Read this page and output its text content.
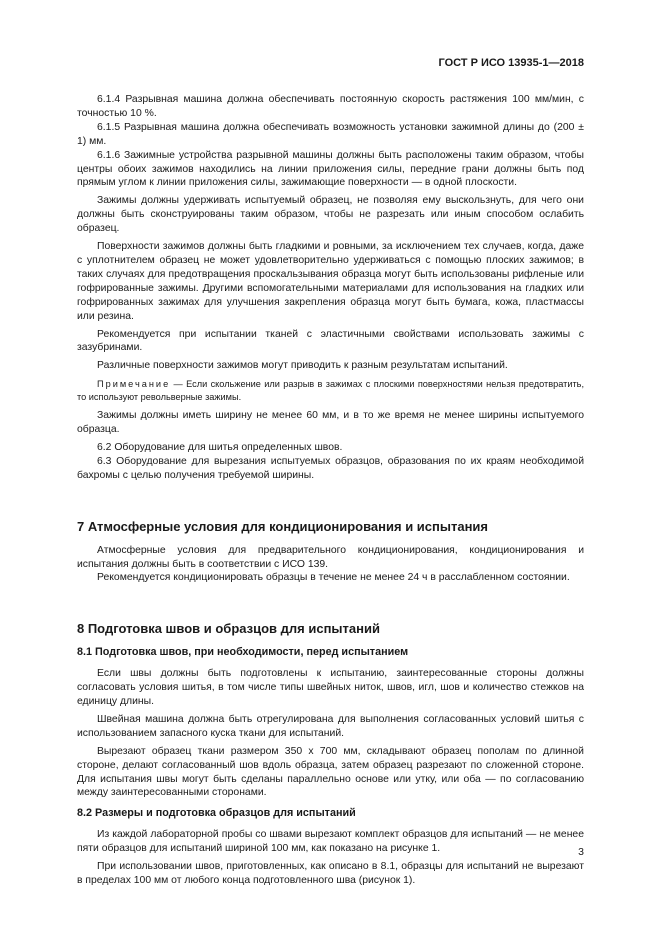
ГОСТ Р ИСО 13935-1—2018

6.1.4 Разрывная машина должна обеспечивать постоянную скорость растяжения 100 мм/мин, с точностью 10 %.

6.1.5 Разрывная машина должна обеспечивать возможность установки зажимной длины до (200 ± 1) мм.

6.1.6 Зажимные устройства разрывной машины должны быть расположены таким образом, чтобы центры обоих зажимов находились на линии приложения силы, передние грани должны быть под прямым углом к линии приложения силы, зажимающие поверхности — в одной плоскости.

Зажимы должны удерживать испытуемый образец, не позволяя ему выскользнуть, для чего они должны быть сконструированы таким образом, чтобы не разрезать или иным способом ослабить образец.

Поверхности зажимов должны быть гладкими и ровными, за исключением тех случаев, когда, даже с уплотнителем образец не может удовлетворительно удерживаться с помощью плоских зажимов; в таких случаях для предотвращения проскальзывания образца могут быть использованы рифленые или гофрированные зажимы. Другими вспомогательными материалами для использования на гладких или гофрированных зажимах для улучшения закрепления образца могут быть бумага, кожа, пластмассы или резина.

Рекомендуется при испытании тканей с эластичными свойствами использовать зажимы с зазубринами.

Различные поверхности зажимов могут приводить к разным результатам испытаний.

Примечание — Если скольжение или разрыв в зажимах с плоскими поверхностями нельзя предотвратить, то используют револьверные зажимы.

Зажимы должны иметь ширину не менее 60 мм, и в то же время не менее ширины испытуемого образца.

6.2 Оборудование для шитья определенных швов.

6.3 Оборудование для вырезания испытуемых образцов, образования по их краям необходимой бахромы с целью получения требуемой ширины.

7 Атмосферные условия для кондиционирования и испытания

Атмосферные условия для предварительного кондиционирования, кондиционирования и испытания должны быть в соответствии с ИСО 139.

Рекомендуется кондиционировать образцы в течение не менее 24 ч в расслабленном состоянии.

8 Подготовка швов и образцов для испытаний
8.1 Подготовка швов, при необходимости, перед испытанием

Если швы должны быть подготовлены к испытанию, заинтересованные стороны должны согласовать условия шитья, в том числе типы швейных ниток, швов, игл, шов и количество стежков на единицу длины.

Швейная машина должна быть отрегулирована для выполнения согласованных условий шитья с использованием запасного куска ткани для испытаний.

Вырезают образец ткани размером 350 х 700 мм, складывают образец пополам по длинной стороне, делают согласованный шов вдоль образца, затем образец разрезают по сложенной стороне. Для испытания швы могут быть сделаны параллельно основе или утку, или оба — по согласованию между заинтересованными сторонами.

8.2 Размеры и подготовка образцов для испытаний

Из каждой лабораторной пробы со швами вырезают комплект образцов для испытаний — не менее пяти образцов для испытаний шириной 100 мм, как показано на рисунке 1.

При использовании швов, приготовленных, как описано в 8.1, образцы для испытаний не вырезают в пределах 100 мм от любого конца подготовленного шва (рисунок 1).

3
